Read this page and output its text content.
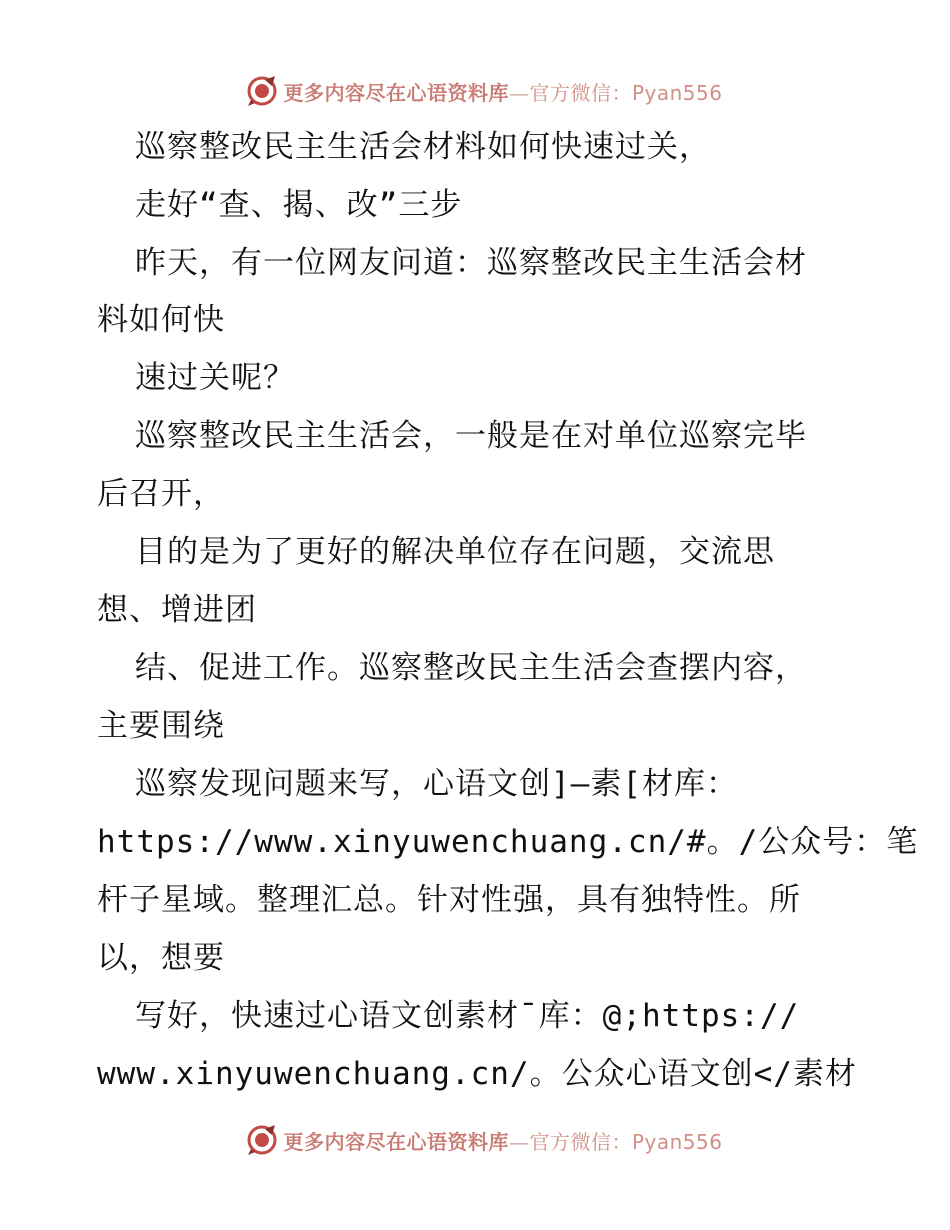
更多内容尽在心语资料库—官方微信：Pyan556
巡察整改民主生活会材料如何快速过关，
走好“查、揭、改”三步
昨天，有一位网友问道：巡察整改民主生活会材
料如何快
速过关呢？
巡察整改民主生活会，一般是在对单位巡察完毕
后召开，
目的是为了更好的解决单位存在问题，交流思
想、增进团
结、促进工作。巡察整改民主生活会查摆内容，
主要围绕
巡察发现问题来写，心语文创]—素[材库：
https://www.xinyuwenchuang.cn/#。/公众号：笔
杆子星域。整理汇总。针对性强，具有独特性。所
以，想要
写好，快速过心语文创素材¯库：@;https://
www.xinyuwenchuang.cn/。公众心语文创</素材
更多内容尽在心语资料库—官方微信：Pyan556
